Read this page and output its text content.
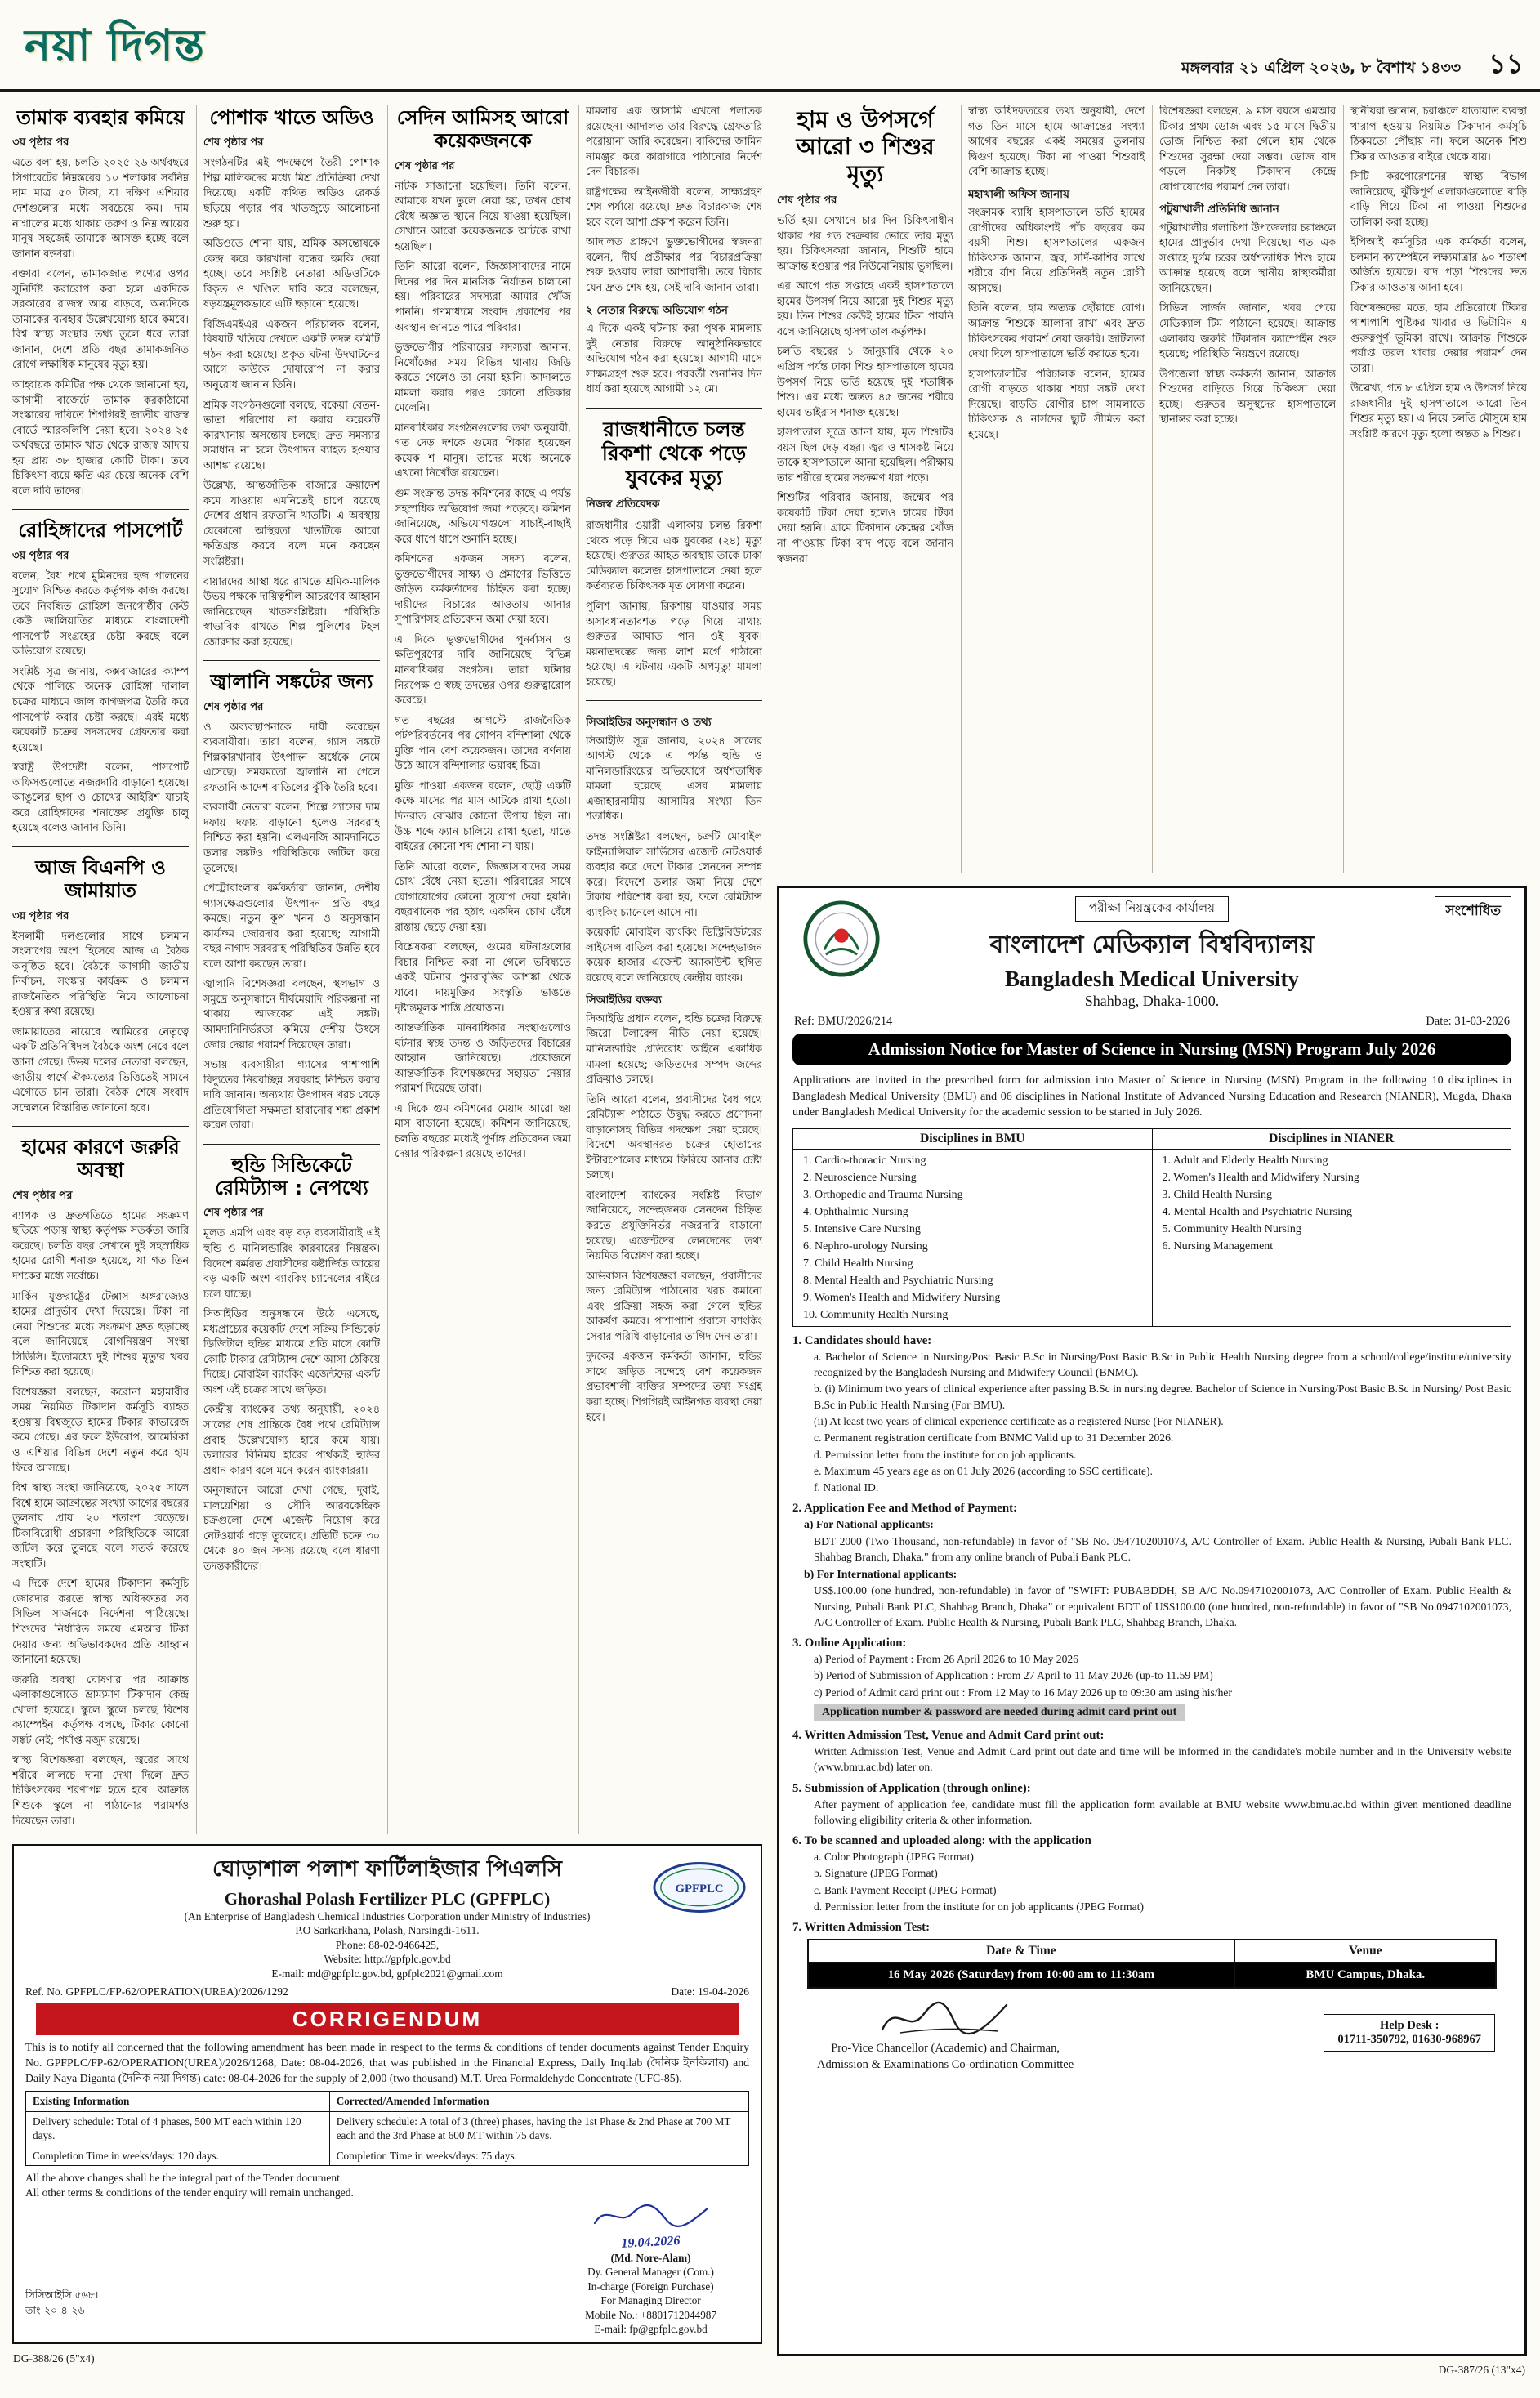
নয়া দিগন্ত	মঙ্গলবার ২১ এপ্রিল ২০২৬, ৮ বৈশাখ ১৪৩৩ ১১
তামাক ব্যবহার কমিয়ে
৩য় পৃষ্ঠার পর

এতে বলা হয়, চলতি ২০২৫-২৬ অর্থবছরে সিগারেটের নিম্নস্তরের ১০ শলাকার সর্বনিম্ন দাম মাত্র ৫০ টাকা, যা দক্ষিণ এশিয়ার দেশগুলোর মধ্যে সবচেয়ে কম। দাম নাগালের মধ্যে থাকায় তরুণ ও নিম্ন আয়ের মানুষ সহজেই তামাকে আসক্ত হচ্ছে বলে জানান বক্তারা।

বক্তারা বলেন, তামাকজাত পণ্যের ওপর সুনির্দিষ্ট করারোপ করা হলে একদিকে সরকারের রাজস্ব আয় বাড়বে, অন্যদিকে তামাকের ব্যবহার উল্লেখযোগ্য হারে কমবে। বিশ্ব স্বাস্থ্য সংস্থার তথ্য তুলে ধরে তারা জানান, দেশে প্রতি বছর তামাকজনিত রোগে লক্ষাধিক মানুষের মৃত্যু হয়।

আহ্বায়ক কমিটির পক্ষ থেকে জানানো হয়, আগামী বাজেটে তামাক করকাঠামো সংস্কারের দাবিতে শিগগিরই জাতীয় রাজস্ব বোর্ডে স্মারকলিপি দেয়া হবে। ২০২৪-২৫ অর্থবছরে তামাক খাত থেকে রাজস্ব আদায় হয় প্রায় ৩৮ হাজার কোটি টাকা। তবে চিকিৎসা ব্যয়ে ক্ষতি এর চেয়ে অনেক বেশি বলে দাবি তাদের।

রোহিঙ্গাদের পাসপোর্ট
৩য় পৃষ্ঠার পর

বলেন, বৈধ পথে মুমিনদের হজ পালনের সুযোগ নিশ্চিত করতে কর্তৃপক্ষ কাজ করছে। তবে নিবন্ধিত রোহিঙ্গা জনগোষ্ঠীর কেউ কেউ জালিয়াতির মাধ্যমে বাংলাদেশী পাসপোর্ট সংগ্রহের চেষ্টা করছে বলে অভিযোগ রয়েছে।

সংশ্লিষ্ট সূত্র জানায়, কক্সবাজারের ক্যাম্প থেকে পালিয়ে অনেক রোহিঙ্গা দালাল চক্রের মাধ্যমে জাল কাগজপত্র তৈরি করে পাসপোর্ট করার চেষ্টা করছে। এরই মধ্যে কয়েকটি চক্রের সদস্যদের গ্রেফতার করা হয়েছে।

স্বরাষ্ট্র উপদেষ্টা বলেন, পাসপোর্ট অফিসগুলোতে নজরদারি বাড়ানো হয়েছে। আঙুলের ছাপ ও চোখের আইরিশ যাচাই করে রোহিঙ্গাদের শনাক্তের প্রযুক্তি চালু হয়েছে বলেও জানান তিনি।

আজ বিএনপি ও জামায়াত
৩য় পৃষ্ঠার পর

ইসলামী দলগুলোর সাথে চলমান সংলাপের অংশ হিসেবে আজ এ বৈঠক অনুষ্ঠিত হবে। বৈঠকে আগামী জাতীয় নির্বাচন, সংস্কার কার্যক্রম ও চলমান রাজনৈতিক পরিস্থিতি নিয়ে আলোচনা হওয়ার কথা রয়েছে।

জামায়াতের নায়েবে আমিরের নেতৃত্বে একটি প্রতিনিধিদল বৈঠকে অংশ নেবে বলে জানা গেছে। উভয় দলের নেতারা বলছেন, জাতীয় স্বার্থে ঐকমত্যের ভিত্তিতেই সামনে এগোতে চান তারা। বৈঠক শেষে সংবাদ সম্মেলনে বিস্তারিত জানানো হবে।

হামের কারণে জরুরি অবস্থা
শেষ পৃষ্ঠার পর

ব্যাপক ও দ্রুতগতিতে হামের সংক্রমণ ছড়িয়ে পড়ায় স্বাস্থ্য কর্তৃপক্ষ সতর্কতা জারি করেছে। চলতি বছর সেখানে দুই সহস্রাধিক হামের রোগী শনাক্ত হয়েছে, যা গত তিন দশকের মধ্যে সর্বোচ্চ।

মার্কিন যুক্তরাষ্ট্রের টেক্সাস অঙ্গরাজ্যেও হামের প্রাদুর্ভাব দেখা দিয়েছে। টিকা না নেয়া শিশুদের মধ্যে সংক্রমণ দ্রুত ছড়াচ্ছে বলে জানিয়েছে রোগনিয়ন্ত্রণ সংস্থা সিডিসি। ইতোমধ্যে দুই শিশুর মৃত্যুর খবর নিশ্চিত করা হয়েছে।

বিশেষজ্ঞরা বলছেন, করোনা মহামারীর সময় নিয়মিত টিকাদান কর্মসূচি ব্যাহত হওয়ায় বিশ্বজুড়ে হামের টিকার কাভারেজ কমে গেছে। এর ফলে ইউরোপ, আমেরিকা ও এশিয়ার বিভিন্ন দেশে নতুন করে হাম ফিরে আসছে।

বিশ্ব স্বাস্থ্য সংস্থা জানিয়েছে, ২০২৫ সালে বিশ্বে হামে আক্রান্তের সংখ্যা আগের বছরের তুলনায় প্রায় ২০ শতাংশ বেড়েছে। টিকাবিরোধী প্রচারণা পরিস্থিতিকে আরো জটিল করে তুলছে বলে সতর্ক করেছে সংস্থাটি।

এ দিকে দেশে হামের টিকাদান কর্মসূচি জোরদার করতে স্বাস্থ্য অধিদফতর সব সিভিল সার্জনকে নির্দেশনা পাঠিয়েছে। শিশুদের নির্ধারিত সময়ে এমআর টিকা দেয়ার জন্য অভিভাবকদের প্রতি আহ্বান জানানো হয়েছে।

জরুরি অবস্থা ঘোষণার পর আক্রান্ত এলাকাগুলোতে ভ্রাম্যমাণ টিকাদান কেন্দ্র খোলা হয়েছে। স্কুলে স্কুলে চলছে বিশেষ ক্যাম্পেইন। কর্তৃপক্ষ বলছে, টিকার কোনো সঙ্কট নেই; পর্যাপ্ত মজুদ রয়েছে।

স্বাস্থ্য বিশেষজ্ঞরা বলছেন, জ্বরের সাথে শরীরে লালচে দানা দেখা দিলে দ্রুত চিকিৎসকের শরণাপন্ন হতে হবে। আক্রান্ত শিশুকে স্কুলে না পাঠানোর পরামর্শও দিয়েছেন তারা।

পোশাক খাতে অডিও
শেষ পৃষ্ঠার পর

সংগঠনটির এই পদক্ষেপে তৈরী পোশাক শিল্প মালিকদের মধ্যে মিশ্র প্রতিক্রিয়া দেখা দিয়েছে। একটি কথিত অডিও রেকর্ড ছড়িয়ে পড়ার পর খাতজুড়ে আলোচনা শুরু হয়।

অডিওতে শোনা যায়, শ্রমিক অসন্তোষকে কেন্দ্র করে কারখানা বন্ধের হুমকি দেয়া হচ্ছে। তবে সংশ্লিষ্ট নেতারা অডিওটিকে বিকৃত ও খণ্ডিত দাবি করে বলেছেন, ষড়যন্ত্রমূলকভাবে এটি ছড়ানো হয়েছে।

বিজিএমইএর একজন পরিচালক বলেন, বিষয়টি খতিয়ে দেখতে একটি তদন্ত কমিটি গঠন করা হয়েছে। প্রকৃত ঘটনা উদঘাটনের আগে কাউকে দোষারোপ না করার অনুরোধ জানান তিনি।

শ্রমিক সংগঠনগুলো বলছে, বকেয়া বেতন-ভাতা পরিশোধ না করায় কয়েকটি কারখানায় অসন্তোষ চলছে। দ্রুত সমস্যার সমাধান না হলে উৎপাদন ব্যাহত হওয়ার আশঙ্কা রয়েছে।

উল্লেখ্য, আন্তর্জাতিক বাজারে ক্রয়াদেশ কমে যাওয়ায় এমনিতেই চাপে রয়েছে দেশের প্রধান রফতানি খাতটি। এ অবস্থায় যেকোনো অস্থিরতা খাতটিকে আরো ক্ষতিগ্রস্ত করবে বলে মনে করছেন সংশ্লিষ্টরা।

বায়ারদের আস্থা ধরে রাখতে শ্রমিক-মালিক উভয় পক্ষকে দায়িত্বশীল আচরণের আহ্বান জানিয়েছেন খাতসংশ্লিষ্টরা। পরিস্থিতি স্বাভাবিক রাখতে শিল্প পুলিশের টহল জোরদার করা হয়েছে।

জ্বালানি সঙ্কটের জন্য
শেষ পৃষ্ঠার পর

ও অব্যবস্থাপনাকে দায়ী করেছেন ব্যবসায়ীরা। তারা বলেন, গ্যাস সঙ্কটে শিল্পকারখানার উৎপাদন অর্ধেকে নেমে এসেছে। সময়মতো জ্বালানি না পেলে রফতানি আদেশ বাতিলের ঝুঁকি তৈরি হবে।

ব্যবসায়ী নেতারা বলেন, শিল্পে গ্যাসের দাম দফায় দফায় বাড়ানো হলেও সরবরাহ নিশ্চিত করা হয়নি। এলএনজি আমদানিতে ডলার সঙ্কটও পরিস্থিতিকে জটিল করে তুলেছে।

পেট্রোবাংলার কর্মকর্তারা জানান, দেশীয় গ্যাসক্ষেত্রগুলোর উৎপাদন প্রতি বছর কমছে। নতুন কূপ খনন ও অনুসন্ধান কার্যক্রম জোরদার করা হয়েছে; আগামী বছর নাগাদ সরবরাহ পরিস্থিতির উন্নতি হবে বলে আশা করছেন তারা।

জ্বালানি বিশেষজ্ঞরা বলছেন, স্থলভাগ ও সমুদ্রে অনুসন্ধানে দীর্ঘমেয়াদি পরিকল্পনা না থাকায় আজকের এই সঙ্কট। আমদানিনির্ভরতা কমিয়ে দেশীয় উৎসে জোর দেয়ার পরামর্শ দিয়েছেন তারা।

সভায় ব্যবসায়ীরা গ্যাসের পাশাপাশি বিদ্যুতের নিরবচ্ছিন্ন সরবরাহ নিশ্চিত করার দাবি জানান। অন্যথায় উৎপাদন খরচ বেড়ে প্রতিযোগিতা সক্ষমতা হারানোর শঙ্কা প্রকাশ করেন তারা।

হুন্ডি সিন্ডিকেটে রেমিট্যান্স : নেপথ্যে
শেষ পৃষ্ঠার পর

মূলত এমপি এবং বড় বড় ব্যবসায়ীরাই এই হুন্ডি ও মানিলন্ডারিং কারবারের নিয়ন্ত্রক। বিদেশে কর্মরত প্রবাসীদের কষ্টার্জিত আয়ের বড় একটি অংশ ব্যাংকিং চ্যানেলের বাইরে চলে যাচ্ছে।

সিআইডির অনুসন্ধানে উঠে এসেছে, মধ্যপ্রাচ্যের কয়েকটি দেশে সক্রিয় সিন্ডিকেট ডিজিটাল হুন্ডির মাধ্যমে প্রতি মাসে কোটি কোটি টাকার রেমিট্যান্স দেশে আসা ঠেকিয়ে দিচ্ছে। মোবাইল ব্যাংকিং এজেন্টদের একটি অংশ এই চক্রের সাথে জড়িত।

কেন্দ্রীয় ব্যাংকের তথ্য অনুযায়ী, ২০২৪ সালের শেষ প্রান্তিকে বৈধ পথে রেমিট্যান্স প্রবাহ উল্লেখযোগ্য হারে কমে যায়। ডলারের বিনিময় হারের পার্থক্যই হুন্ডির প্রধান কারণ বলে মনে করেন ব্যাংকাররা।

অনুসন্ধানে আরো দেখা গেছে, দুবাই, মালয়েশিয়া ও সৌদি আরবকেন্দ্রিক চক্রগুলো দেশে এজেন্ট নিয়োগ করে নেটওয়ার্ক গড়ে তুলেছে। প্রতিটি চক্রে ৩০ থেকে ৪০ জন সদস্য রয়েছে বলে ধারণা তদন্তকারীদের।

সেদিন আমিসহ আরো কয়েকজনকে
শেষ পৃষ্ঠার পর

নাটক সাজানো হয়েছিল। তিনি বলেন, আমাকে যখন তুলে নেয়া হয়, তখন চোখ বেঁধে অজ্ঞাত স্থানে নিয়ে যাওয়া হয়েছিল। সেখানে আরো কয়েকজনকে আটকে রাখা হয়েছিল।

তিনি আরো বলেন, জিজ্ঞাসাবাদের নামে দিনের পর দিন মানসিক নির্যাতন চালানো হয়। পরিবারের সদস্যরা আমার খোঁজ পাননি। গণমাধ্যমে সংবাদ প্রকাশের পর অবস্থান জানতে পারে পরিবার।

ভুক্তভোগীর পরিবারের সদস্যরা জানান, নিখোঁজের সময় বিভিন্ন থানায় জিডি করতে গেলেও তা নেয়া হয়নি। আদালতে মামলা করার পরও কোনো প্রতিকার মেলেনি।

মানবাধিকার সংগঠনগুলোর তথ্য অনুযায়ী, গত দেড় দশকে গুমের শিকার হয়েছেন কয়েক শ মানুষ। তাদের মধ্যে অনেকে এখনো নিখোঁজ রয়েছেন।

গুম সংক্রান্ত তদন্ত কমিশনের কাছে এ পর্যন্ত সহস্রাধিক অভিযোগ জমা পড়েছে। কমিশন জানিয়েছে, অভিযোগগুলো যাচাই-বাছাই করে ধাপে ধাপে শুনানি হচ্ছে।

কমিশনের একজন সদস্য বলেন, ভুক্তভোগীদের সাক্ষ্য ও প্রমাণের ভিত্তিতে জড়িত কর্মকর্তাদের চিহ্নিত করা হচ্ছে। দায়ীদের বিচারের আওতায় আনার সুপারিশসহ প্রতিবেদন জমা দেয়া হবে।

এ দিকে ভুক্তভোগীদের পুনর্বাসন ও ক্ষতিপূরণের দাবি জানিয়েছে বিভিন্ন মানবাধিকার সংগঠন। তারা ঘটনার নিরপেক্ষ ও স্বচ্ছ তদন্তের ওপর গুরুত্বারোপ করেছে।

গত বছরের আগস্টে রাজনৈতিক পটপরিবর্তনের পর গোপন বন্দিশালা থেকে মুক্তি পান বেশ কয়েকজন। তাদের বর্ণনায় উঠে আসে বন্দিশালার ভয়াবহ চিত্র।

মুক্তি পাওয়া একজন বলেন, ছোট্ট একটি কক্ষে মাসের পর মাস আটকে রাখা হতো। দিনরাত বোঝার কোনো উপায় ছিল না। উচ্চ শব্দে ফ্যান চালিয়ে রাখা হতো, যাতে বাইরের কোনো শব্দ শোনা না যায়।

তিনি আরো বলেন, জিজ্ঞাসাবাদের সময় চোখ বেঁধে নেয়া হতো। পরিবারের সাথে যোগাযোগের কোনো সুযোগ দেয়া হয়নি। বছরখানেক পর হঠাৎ একদিন চোখ বেঁধে রাস্তায় ছেড়ে দেয়া হয়।

বিশ্লেষকরা বলছেন, গুমের ঘটনাগুলোর বিচার নিশ্চিত করা না গেলে ভবিষ্যতে একই ঘটনার পুনরাবৃত্তির আশঙ্কা থেকে যাবে। দায়মুক্তির সংস্কৃতি ভাঙতে দৃষ্টান্তমূলক শাস্তি প্রয়োজন।

আন্তর্জাতিক মানবাধিকার সংস্থাগুলোও ঘটনার স্বচ্ছ তদন্ত ও জড়িতদের বিচারের আহ্বান জানিয়েছে। প্রয়োজনে আন্তর্জাতিক বিশেষজ্ঞদের সহায়তা নেয়ার পরামর্শ দিয়েছে তারা।

এ দিকে গুম কমিশনের মেয়াদ আরো ছয় মাস বাড়ানো হয়েছে। কমিশন জানিয়েছে, চলতি বছরের মধ্যেই পূর্ণাঙ্গ প্রতিবেদন জমা দেয়ার পরিকল্পনা রয়েছে তাদের।

মামলার এক আসামি এখনো পলাতক রয়েছেন। আদালত তার বিরুদ্ধে গ্রেফতারি পরোয়ানা জারি করেছেন। বাকিদের জামিন নামঞ্জুর করে কারাগারে পাঠানোর নির্দেশ দেন বিচারক।

রাষ্ট্রপক্ষের আইনজীবী বলেন, সাক্ষ্যগ্রহণ শেষ পর্যায়ে রয়েছে। দ্রুত বিচারকাজ শেষ হবে বলে আশা প্রকাশ করেন তিনি।

আদালত প্রাঙ্গণে ভুক্তভোগীদের স্বজনরা বলেন, দীর্ঘ প্রতীক্ষার পর বিচারপ্রক্রিয়া শুরু হওয়ায় তারা আশাবাদী। তবে বিচার যেন দ্রুত শেষ হয়, সেই দাবি জানান তারা।

২ নেতার বিরুদ্ধে অভিযোগ গঠন

এ দিকে একই ঘটনায় করা পৃথক মামলায় দুই নেতার বিরুদ্ধে আনুষ্ঠানিকভাবে অভিযোগ গঠন করা হয়েছে। আগামী মাসে সাক্ষ্যগ্রহণ শুরু হবে। পরবর্তী শুনানির দিন ধার্য করা হয়েছে আগামী ১২ মে।

রাজধানীতে চলন্ত রিকশা থেকে পড়ে যুবকের মৃত্যু
নিজস্ব প্রতিবেদক

রাজধানীর ওয়ারী এলাকায় চলন্ত রিকশা থেকে পড়ে গিয়ে এক যুবকের (২৪) মৃত্যু হয়েছে। গুরুতর আহত অবস্থায় তাকে ঢাকা মেডিক্যাল কলেজ হাসপাতালে নেয়া হলে কর্তব্যরত চিকিৎসক মৃত ঘোষণা করেন।

পুলিশ জানায়, রিকশায় যাওয়ার সময় অসাবধানতাবশত পড়ে গিয়ে মাথায় গুরুতর আঘাত পান ওই যুবক। ময়নাতদন্তের জন্য লাশ মর্গে পাঠানো হয়েছে। এ ঘটনায় একটি অপমৃত্যু মামলা হয়েছে।

সিআইডির অনুসন্ধান ও তথ্য

সিআইডি সূত্র জানায়, ২০২৪ সালের আগস্ট থেকে এ পর্যন্ত হুন্ডি ও মানিলন্ডারিংয়ের অভিযোগে অর্ধশতাধিক মামলা হয়েছে। এসব মামলায় এজাহারনামীয় আসামির সংখ্যা তিন শতাধিক।

তদন্ত সংশ্লিষ্টরা বলছেন, চক্রটি মোবাইল ফাইন্যান্সিয়াল সার্ভিসের এজেন্ট নেটওয়ার্ক ব্যবহার করে দেশে টাকার লেনদেন সম্পন্ন করে। বিদেশে ডলার জমা নিয়ে দেশে টাকায় পরিশোধ করা হয়, ফলে রেমিট্যান্স ব্যাংকিং চ্যানেলে আসে না।

কয়েকটি মোবাইল ব্যাংকিং ডিস্ট্রিবিউটরের লাইসেন্স বাতিল করা হয়েছে। সন্দেহভাজন কয়েক হাজার এজেন্ট অ্যাকাউন্ট স্থগিত রয়েছে বলে জানিয়েছে কেন্দ্রীয় ব্যাংক।

সিআইডির বক্তব্য

সিআইডি প্রধান বলেন, হুন্ডি চক্রের বিরুদ্ধে জিরো টলারেন্স নীতি নেয়া হয়েছে। মানিলন্ডারিং প্রতিরোধ আইনে একাধিক মামলা হয়েছে; জড়িতদের সম্পদ জব্দের প্রক্রিয়াও চলছে।

তিনি আরো বলেন, প্রবাসীদের বৈধ পথে রেমিট্যান্স পাঠাতে উদ্বুদ্ধ করতে প্রণোদনা বাড়ানোসহ বিভিন্ন পদক্ষেপ নেয়া হয়েছে। বিদেশে অবস্থানরত চক্রের হোতাদের ইন্টারপোলের মাধ্যমে ফিরিয়ে আনার চেষ্টা চলছে।

বাংলাদেশ ব্যাংকের সংশ্লিষ্ট বিভাগ জানিয়েছে, সন্দেহজনক লেনদেন চিহ্নিত করতে প্রযুক্তিনির্ভর নজরদারি বাড়ানো হয়েছে। এজেন্টদের লেনদেনের তথ্য নিয়মিত বিশ্লেষণ করা হচ্ছে।

অভিবাসন বিশেষজ্ঞরা বলছেন, প্রবাসীদের জন্য রেমিট্যান্স পাঠানোর খরচ কমানো এবং প্রক্রিয়া সহজ করা গেলে হুন্ডির আকর্ষণ কমবে। পাশাপাশি প্রবাসে ব্যাংকিং সেবার পরিধি বাড়ানোর তাগিদ দেন তারা।

দুদকের একজন কর্মকর্তা জানান, হুন্ডির সাথে জড়িত সন্দেহে বেশ কয়েকজন প্রভাবশালী ব্যক্তির সম্পদের তথ্য সংগ্রহ করা হচ্ছে। শিগগিরই আইনগত ব্যবস্থা নেয়া হবে।

হাম ও উপসর্গে আরো ৩ শিশুর মৃত্যু
শেষ পৃষ্ঠার পর

ভর্তি হয়। সেখানে চার দিন চিকিৎসাধীন থাকার পর গত শুক্রবার ভোরে তার মৃত্যু হয়। চিকিৎসকরা জানান, শিশুটি হামে আক্রান্ত হওয়ার পর নিউমোনিয়ায় ভুগছিল।

এর আগে গত সপ্তাহে একই হাসপাতালে হামের উপসর্গ নিয়ে আরো দুই শিশুর মৃত্যু হয়। তিন শিশুর কেউই হামের টিকা পায়নি বলে জানিয়েছে হাসপাতাল কর্তৃপক্ষ।

চলতি বছরের ১ জানুয়ারি থেকে ২০ এপ্রিল পর্যন্ত ঢাকা শিশু হাসপাতালে হামের উপসর্গ নিয়ে ভর্তি হয়েছে দুই শতাধিক শিশু। এর মধ্যে অন্তত ৪৫ জনের শরীরে হামের ভাইরাস শনাক্ত হয়েছে।

হাসপাতাল সূত্রে জানা যায়, মৃত শিশুটির বয়স ছিল দেড় বছর। জ্বর ও শ্বাসকষ্ট নিয়ে তাকে হাসপাতালে আনা হয়েছিল। পরীক্ষায় তার শরীরে হামের সংক্রমণ ধরা পড়ে।

শিশুটির পরিবার জানায়, জন্মের পর কয়েকটি টিকা দেয়া হলেও হামের টিকা দেয়া হয়নি। গ্রামে টিকাদান কেন্দ্রের খোঁজ না পাওয়ায় টিকা বাদ পড়ে বলে জানান স্বজনরা।

স্বাস্থ্য অধিদফতরের তথ্য অনুযায়ী, দেশে গত তিন মাসে হামে আক্রান্তের সংখ্যা আগের বছরের একই সময়ের তুলনায় দ্বিগুণ হয়েছে। টিকা না পাওয়া শিশুরাই বেশি আক্রান্ত হচ্ছে।

মহাখালী অফিস জানায়

সংক্রামক ব্যাধি হাসপাতালে ভর্তি হামের রোগীদের অধিকাংশই পাঁচ বছরের কম বয়সী শিশু। হাসপাতালের একজন চিকিৎসক জানান, জ্বর, সর্দি-কাশির সাথে শরীরে র্যাশ নিয়ে প্রতিদিনই নতুন রোগী আসছে।

তিনি বলেন, হাম অত্যন্ত ছোঁয়াচে রোগ। আক্রান্ত শিশুকে আলাদা রাখা এবং দ্রুত চিকিৎসকের পরামর্শ নেয়া জরুরি। জটিলতা দেখা দিলে হাসপাতালে ভর্তি করাতে হবে।

হাসপাতালটির পরিচালক বলেন, হামের রোগী বাড়তে থাকায় শয্যা সঙ্কট দেখা দিয়েছে। বাড়তি রোগীর চাপ সামলাতে চিকিৎসক ও নার্সদের ছুটি সীমিত করা হয়েছে।

বিশেষজ্ঞরা বলছেন, ৯ মাস বয়সে এমআর টিকার প্রথম ডোজ এবং ১৫ মাসে দ্বিতীয় ডোজ নিশ্চিত করা গেলে হাম থেকে শিশুদের সুরক্ষা দেয়া সম্ভব। ডোজ বাদ পড়লে নিকটস্থ টিকাদান কেন্দ্রে যোগাযোগের পরামর্শ দেন তারা।

পটুয়াখালী প্রতিনিধি জানান

পটুয়াখালীর গলাচিপা উপজেলার চরাঞ্চলে হামের প্রাদুর্ভাব দেখা দিয়েছে। গত এক সপ্তাহে দুর্গম চরের অর্ধশতাধিক শিশু হামে আক্রান্ত হয়েছে বলে স্থানীয় স্বাস্থ্যকর্মীরা জানিয়েছেন।

সিভিল সার্জন জানান, খবর পেয়ে মেডিক্যাল টিম পাঠানো হয়েছে। আক্রান্ত এলাকায় জরুরি টিকাদান ক্যাম্পেইন শুরু হয়েছে; পরিস্থিতি নিয়ন্ত্রণে রয়েছে।

উপজেলা স্বাস্থ্য কর্মকর্তা জানান, আক্রান্ত শিশুদের বাড়িতে গিয়ে চিকিৎসা দেয়া হচ্ছে। গুরুতর অসুস্থদের হাসপাতালে স্থানান্তর করা হচ্ছে।

স্থানীয়রা জানান, চরাঞ্চলে যাতায়াত ব্যবস্থা খারাপ হওয়ায় নিয়মিত টিকাদান কর্মসূচি ঠিকমতো পৌঁছায় না। ফলে অনেক শিশু টিকার আওতার বাইরে থেকে যায়।

সিটি করপোরেশনের স্বাস্থ্য বিভাগ জানিয়েছে, ঝুঁকিপূর্ণ এলাকাগুলোতে বাড়ি বাড়ি গিয়ে টিকা না পাওয়া শিশুদের তালিকা করা হচ্ছে।

ইপিআই কর্মসূচির এক কর্মকর্তা বলেন, চলমান ক্যাম্পেইনে লক্ষ্যমাত্রার ৯০ শতাংশ অর্জিত হয়েছে। বাদ পড়া শিশুদের দ্রুত টিকার আওতায় আনা হবে।

বিশেষজ্ঞদের মতে, হাম প্রতিরোধে টিকার পাশাপাশি পুষ্টিকর খাবার ও ভিটামিন এ গুরুত্বপূর্ণ ভূমিকা রাখে। আক্রান্ত শিশুকে পর্যাপ্ত তরল খাবার দেয়ার পরামর্শ দেন তারা।

উল্লেখ্য, গত ৮ এপ্রিল হাম ও উপসর্গ নিয়ে রাজধানীর দুই হাসপাতালে আরো তিন শিশুর মৃত্যু হয়। এ নিয়ে চলতি মৌসুমে হাম সংশ্লিষ্ট কারণে মৃত্যু হলো অন্তত ৯ শিশুর।

পরীক্ষা নিয়ন্ত্রকের কার্যালয়	সংশোধিত
বাংলাদেশ মেডিক্যাল বিশ্ববিদ্যালয়
Bangladesh Medical University
Shahbag, Dhaka-1000.
Ref: BMU/2026/214	Date: 31-03-2026
Admission Notice for Master of Science in Nursing (MSN) Program July 2026

Applications are invited in the prescribed form for admission into Master of Science in Nursing (MSN) Program in the following 10 disciplines in Bangladesh Medical University (BMU) and 06 disciplines in National Institute of Advanced Nursing Education and Research (NIANER), Mugda, Dhaka under Bangladesh Medical University for the academic session to be started in July 2026.

Disciplines in BMU	Disciplines in NIANER

1. Cardio-thoracic Nursing
2. Neuroscience Nursing
3. Orthopedic and Trauma Nursing
4. Ophthalmic Nursing
5. Intensive Care Nursing
6. Nephro-urology Nursing
7. Child Health Nursing
8. Mental Health and Psychiatric Nursing
9. Women's Health and Midwifery Nursing
10. Community Health Nursing

1. Adult and Elderly Health Nursing
2. Women's Health and Midwifery Nursing
3. Child Health Nursing
4. Mental Health and Psychiatric Nursing
5. Community Health Nursing
6. Nursing Management
1. Candidates should have:

a. Bachelor of Science in Nursing/Post Basic B.Sc in Nursing/Post Basic B.Sc in Public Health Nursing degree from a school/college/institute/university recognized by the Bangladesh Nursing and Midwifery Council (BNMC).

b. (i) Minimum two years of clinical experience after passing B.Sc in nursing degree. Bachelor of Science in Nursing/Post Basic B.Sc in Nursing/ Post Basic B.Sc in Public Health Nursing (For BMU).

(ii) At least two years of clinical experience certificate as a registered Nurse (For NIANER).

c. Permanent registration certificate from BNMC Valid up to 31 December 2026.

d. Permission letter from the institute for on job applicants.

e. Maximum 45 years age as on 01 July 2026 (according to SSC certificate).

f. National ID.

2. Application Fee and Method of Payment:

a) For National applicants:

BDT 2000 (Two Thousand, non-refundable) in favor of "SB No. 0947102001073, A/C Controller of Exam. Public Health & Nursing, Pubali Bank PLC. Shahbag Branch, Dhaka." from any online branch of Pubali Bank PLC.

b) For International applicants:

US$.100.00 (one hundred, non-refundable) in favor of "SWIFT: PUBABDDH, SB A/C No.0947102001073, A/C Controller of Exam. Public Health & Nursing, Pubali Bank PLC, Shahbag Branch, Dhaka" or equivalent BDT of US$100.00 (one hundred, non-refundable) in favor of "SB No.0947102001073, A/C Controller of Exam. Public Health & Nursing, Pubali Bank PLC, Shahbag Branch, Dhaka.

3. Online Application:

a) Period of Payment : From 26 April 2026 to 10 May 2026

b) Period of Submission of Application : From 27 April to 11 May 2026 (up-to 11.59 PM)

c) Period of Admit card print out : From 12 May to 16 May 2026 up to 09:30 am using his/her

Application number & password are needed during admit card print out
4. Written Admission Test, Venue and Admit Card print out:

Written Admission Test, Venue and Admit Card print out date and time will be informed in the candidate's mobile number and in the University website (www.bmu.ac.bd) later on.

5. Submission of Application (through online):

After payment of application fee, candidate must fill the application form available at BMU website www.bmu.ac.bd within given mentioned deadline following eligibility criteria & other information.

6. To be scanned and uploaded along: with the application

a. Color Photograph (JPEG Format)

b. Signature (JPEG Format)

c. Bank Payment Receipt (JPEG Format)

d. Permission letter from the institute for on job applicants (JPEG Format)

7. Written Admission Test:
Date & Time	Venue
16 May 2026 (Saturday) from 10:00 am to 11:30am	BMU Campus, Dhaka.
Pro-Vice Chancellor (Academic) and Chairman,
Admission & Examinations Co-ordination Committee
Help Desk :
01711-350792, 01630-968967
DG-387/26 (13"x4)
GPFPLC
ঘোড়াশাল পলাশ ফার্টিলাইজার পিএলসি
Ghorashal Polash Fertilizer PLC (GPFPLC)
(An Enterprise of Bangladesh Chemical Industries Corporation under Ministry of Industries)
P.O Sarkarkhana, Polash, Narsingdi-1611.
Phone: 88-02-9466425,
Website: http://gpfplc.gov.bd
E-mail: md@gpfplc.gov.bd, gpfplc2021@gmail.com
Ref. No. GPFPLC/FP-62/OPERATION(UREA)/2026/1292	Date: 19-04-2026
CORRIGENDUM

This is to notify all concerned that the following amendment has been made in respect to the terms & conditions of tender documents against Tender Enquiry No. GPFPLC/FP-62/OPERATION(UREA)/2026/1268, Date: 08-04-2026, that was published in the Financial Express, Daily Inqilab (দৈনিক ইনকিলাব) and Daily Naya Diganta (দৈনিক নয়া দিগন্ত) date: 08-04-2026 for the supply of 2,000 (two thousand) M.T. Urea Formaldehyde Concentrate (UFC-85).

Existing Information	Corrected/Amended Information
Delivery schedule: Total of 4 phases, 500 MT each within 120 days.	Delivery schedule: A total of 3 (three) phases, having the 1st Phase & 2nd Phase at 700 MT each and the 3rd Phase at 600 MT within 75 days.
Completion Time in weeks/days: 120 days.	Completion Time in weeks/days: 75 days.
All the above changes shall be the integral part of the Tender document.
All other terms & conditions of the tender enquiry will remain unchanged.
সিসিআইসি ৫৬৮।
তাং-২০-৪-২৬
19.04.2026
(Md. Nore-Alam)
Dy. General Manager (Com.)
In-charge (Foreign Purchase)
For Managing Director
Mobile No.: +8801712044987
E-mail: fp@gpfplc.gov.bd
DG-388/26 (5"x4)
